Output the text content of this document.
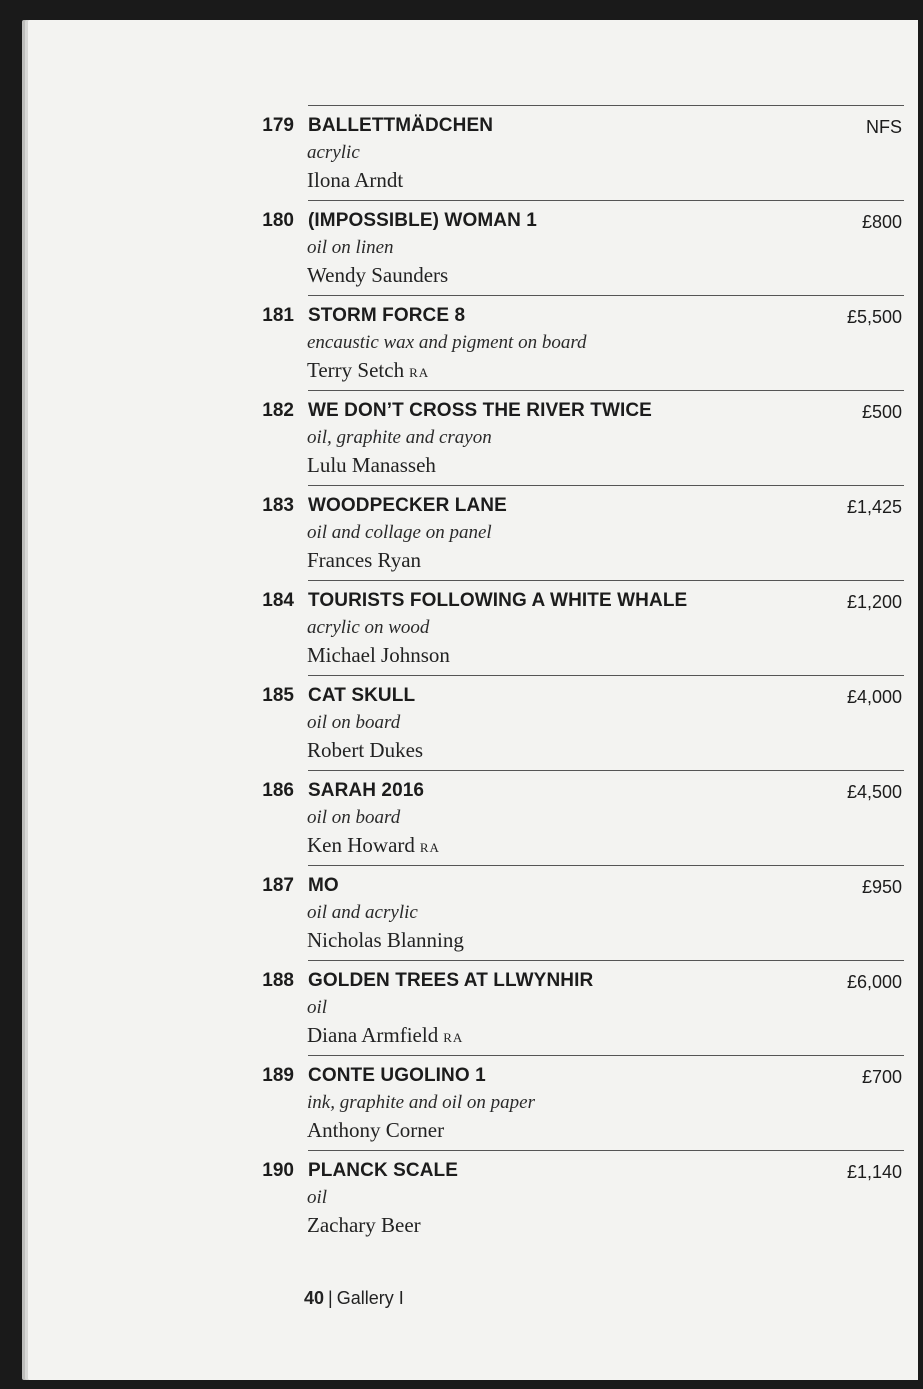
179 BALLETTMÄDCHEN
acrylic
Ilona Arndt
NFS
180 (IMPOSSIBLE) WOMAN 1
oil on linen
Wendy Saunders
£800
181 STORM FORCE 8
encaustic wax and pigment on board
Terry Setch RA
£5,500
182 WE DON’T CROSS THE RIVER TWICE
oil, graphite and crayon
Lulu Manasseh
£500
183 WOODPECKER LANE
oil and collage on panel
Frances Ryan
£1,425
184 TOURISTS FOLLOWING A WHITE WHALE
acrylic on wood
Michael Johnson
£1,200
185 CAT SKULL
oil on board
Robert Dukes
£4,000
186 SARAH 2016
oil on board
Ken Howard RA
£4,500
187 MO
oil and acrylic
Nicholas Blanning
£950
188 GOLDEN TREES AT LLWYNHIR
oil
Diana Armfield RA
£6,000
189 CONTE UGOLINO 1
ink, graphite and oil on paper
Anthony Corner
£700
190 PLANCK SCALE
oil
Zachary Beer
£1,140
40 | Gallery I
